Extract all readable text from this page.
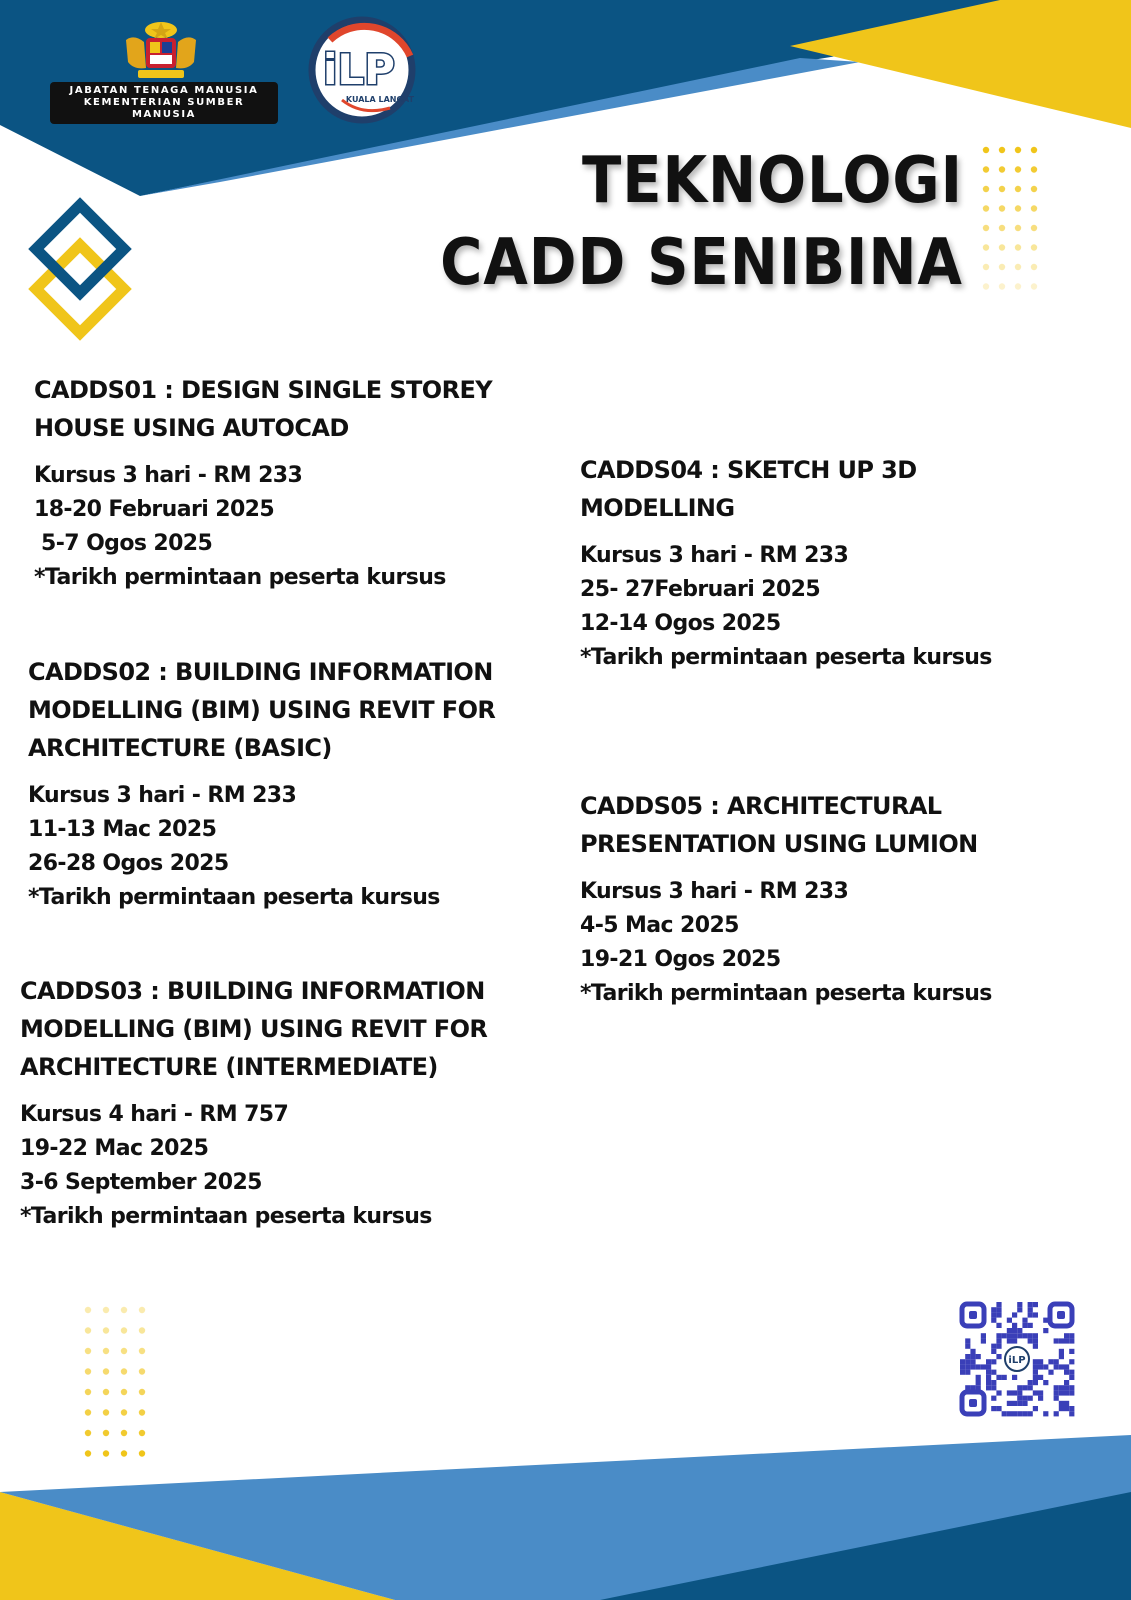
JABATAN TENAGA MANUSIA
KEMENTERIAN SUMBER MANUSIA
iLP
KUALA LANGAT
TEKNOLOGI
CADD SENIBINA
CADDS01 : DESIGN SINGLE STOREY HOUSE USING AUTOCAD
Kursus 3 hari - RM 233
18-20 Februari 2025
5-7 Ogos 2025
*Tarikh permintaan peserta kursus
CADDS02 : BUILDING INFORMATION MODELLING (BIM) USING REVIT FOR ARCHITECTURE (BASIC)
Kursus 3 hari - RM 233
11-13 Mac 2025
26-28 Ogos 2025
*Tarikh permintaan peserta kursus
CADDS03 : BUILDING INFORMATION MODELLING (BIM) USING REVIT FOR ARCHITECTURE (INTERMEDIATE)
Kursus 4 hari - RM 757
19-22 Mac 2025
3-6 September 2025
*Tarikh permintaan peserta kursus
CADDS04 : SKETCH UP 3D MODELLING
Kursus 3 hari - RM 233
25- 27Februari 2025
12-14 Ogos 2025
*Tarikh permintaan peserta kursus
CADDS05 : ARCHITECTURAL PRESENTATION USING LUMION
Kursus 3 hari - RM 233
4-5 Mac 2025
19-21 Ogos 2025
*Tarikh permintaan peserta kursus
iLP
